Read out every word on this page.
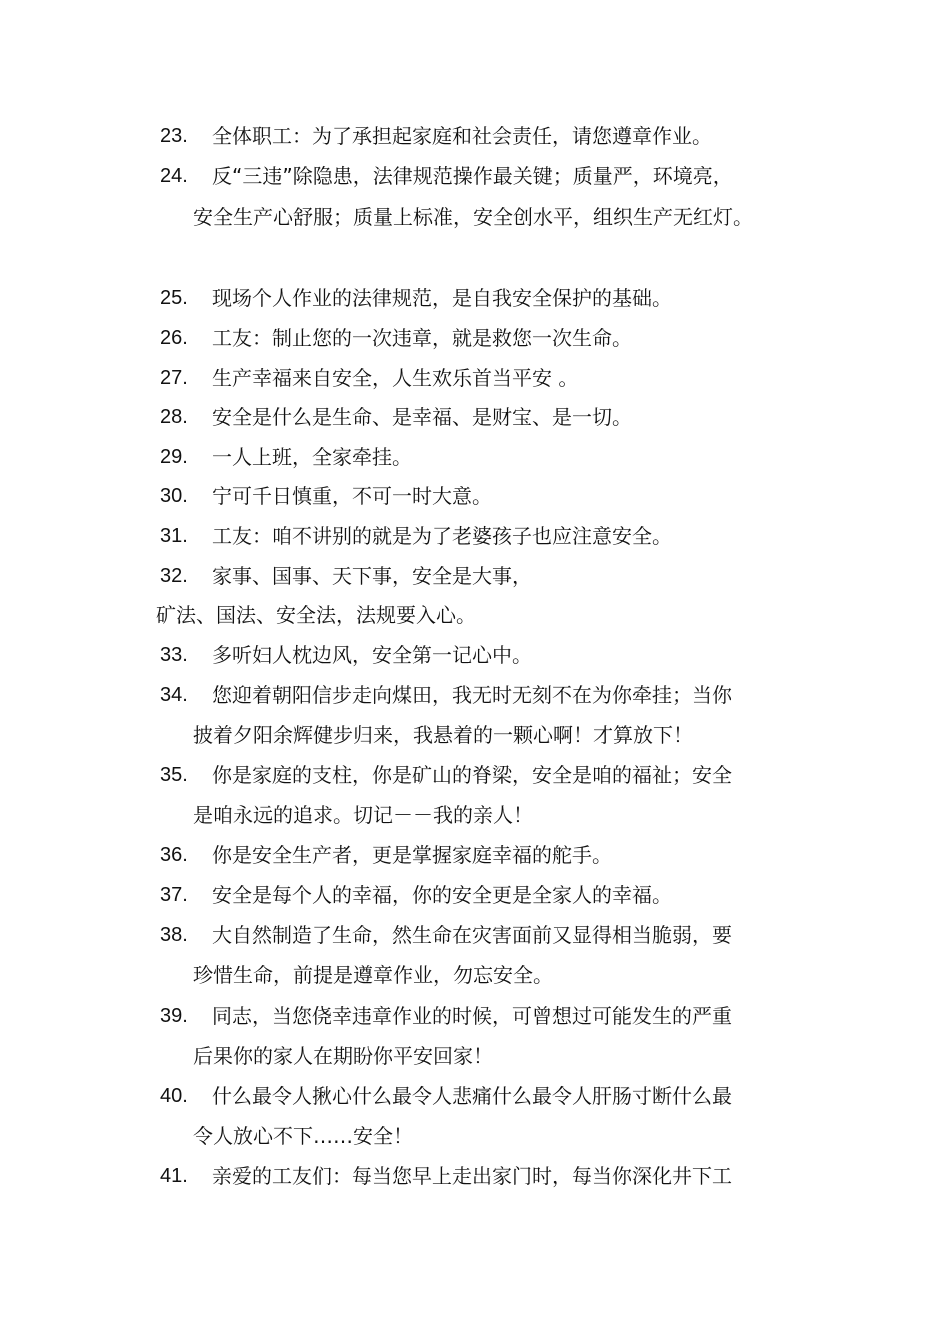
23. 全体职工：为了承担起家庭和社会责任，请您遵章作业。
24. 反“三违”除隐患，法律规范操作最关键；质量严，环境亮，
安全生产心舒服；质量上标准，安全创水平，组织生产无红灯。
25. 现场个人作业的法律规范，是自我安全保护的基础。
26. 工友：制止您的一次违章，就是救您一次生命。
27. 生产幸福来自安全，人生欢乐首当平安 。
28. 安全是什么是生命、是幸福、是财宝、是一切。
29. 一人上班，全家牵挂。
30. 宁可千日慎重，不可一时大意。
31. 工友：咱不讲别的就是为了老婆孩子也应注意安全。
32. 家事、国事、天下事，安全是大事，
矿法、国法、安全法，法规要入心。
33. 多听妇人枕边风，安全第一记心中。
34. 您迎着朝阳信步走向煤田，我无时无刻不在为你牵挂；当你
披着夕阳余辉健步归来，我悬着的一颗心啊！才算放下！
35. 你是家庭的支柱，你是矿山的脊梁，安全是咱的福祉；安全
是咱永远的追求。切记－－我的亲人！
36. 你是安全生产者，更是掌握家庭幸福的舵手。
37. 安全是每个人的幸福，你的安全更是全家人的幸福。
38. 大自然制造了生命，然生命在灾害面前又显得相当脆弱，要
珍惜生命，前提是遵章作业，勿忘安全。
39. 同志，当您侥幸违章作业的时候，可曾想过可能发生的严重
后果你的家人在期盼你平安回家！
40. 什么最令人揪心什么最令人悲痛什么最令人肝肠寸断什么最
令人放心不下……安全！
41. 亲爱的工友们：每当您早上走出家门时，每当你深化井下工
